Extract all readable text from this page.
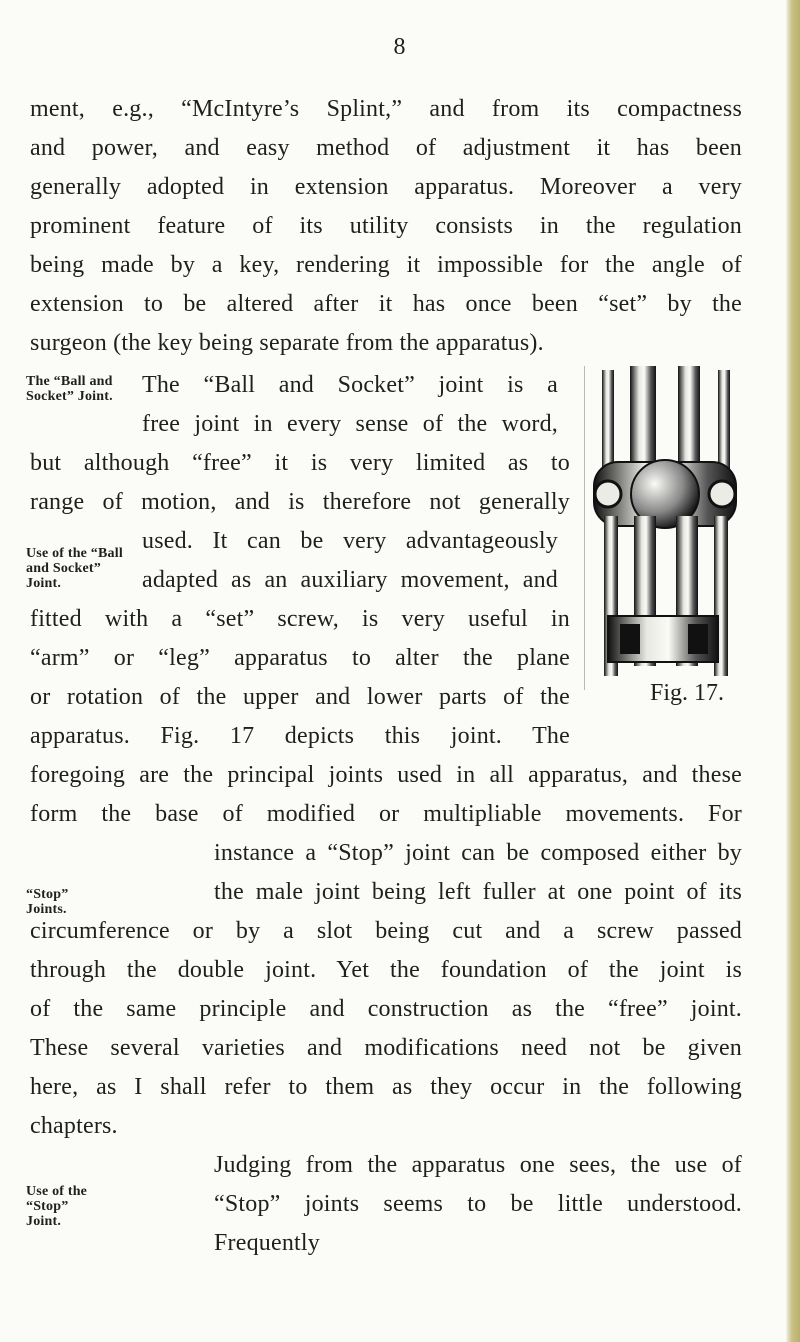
8
ment, e.g., “McIntyre’s Splint,” and from its compactness
and power, and easy method of adjustment it has been
generally adopted in extension apparatus. Moreover a very
prominent feature of its utility consists in the regulation
being made by a key, rendering it impossible for the angle of
extension to be altered after it has once been “set” by the
surgeon (the key being separate from the apparatus).
The “Ball and Socket” Joint.
Use of the “Ball and Socket” Joint.
“Stop” Joints.
Use of the “Stop” Joint.
The “Ball and Socket” joint is a
free joint in every sense of the word,
but although “free” it is very limited as to
range of motion, and is therefore not generally
used. It can be very advantageously
adapted as an auxiliary movement, and
fitted with a “set” screw, is very useful in
“arm” or “leg” apparatus to alter the plane
or rotation of the upper and lower parts of the
apparatus. Fig. 17 depicts this joint. The
foregoing are the principal joints used in all apparatus, and these
form the base of modified or multipliable movements. For
instance a “Stop” joint can be composed either by
the male joint being left fuller at one point of its
circumference or by a slot being cut and a screw passed
through the double joint. Yet the foundation of the joint is
of the same principle and construction as the “free” joint.
These several varieties and modifications need not be given
here, as I shall refer to them as they occur in the following
chapters.
Judging from the apparatus one sees, the use of
“Stop” joints seems to be little understood. Frequently
Fig. 17.
